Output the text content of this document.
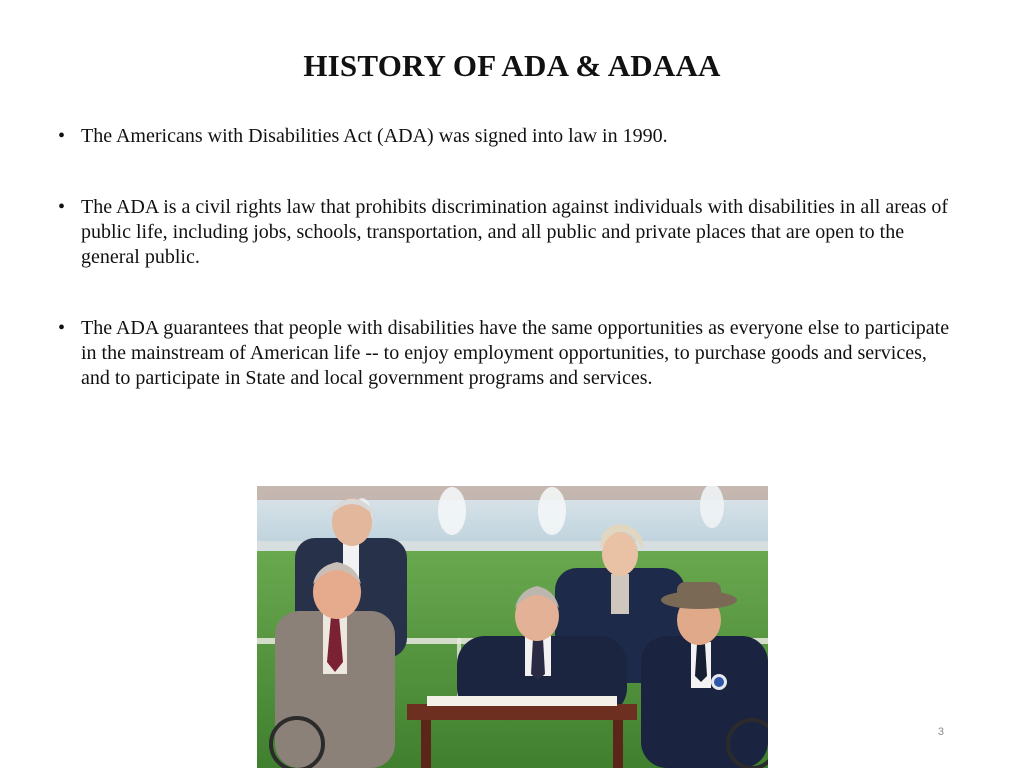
HISTORY OF ADA & ADAAA
• The Americans with Disabilities Act (ADA) was signed into law in 1990.
• The ADA is a civil rights law that prohibits discrimination against individuals with disabilities in all areas of public life, including jobs, schools, transportation, and all public and private places that are open to the general public.
• The ADA guarantees that people with disabilities have the same opportunities as everyone else to participate in the mainstream of American life -- to enjoy employment opportunities, to purchase goods and services, and to participate in State and local government programs and services.
3
